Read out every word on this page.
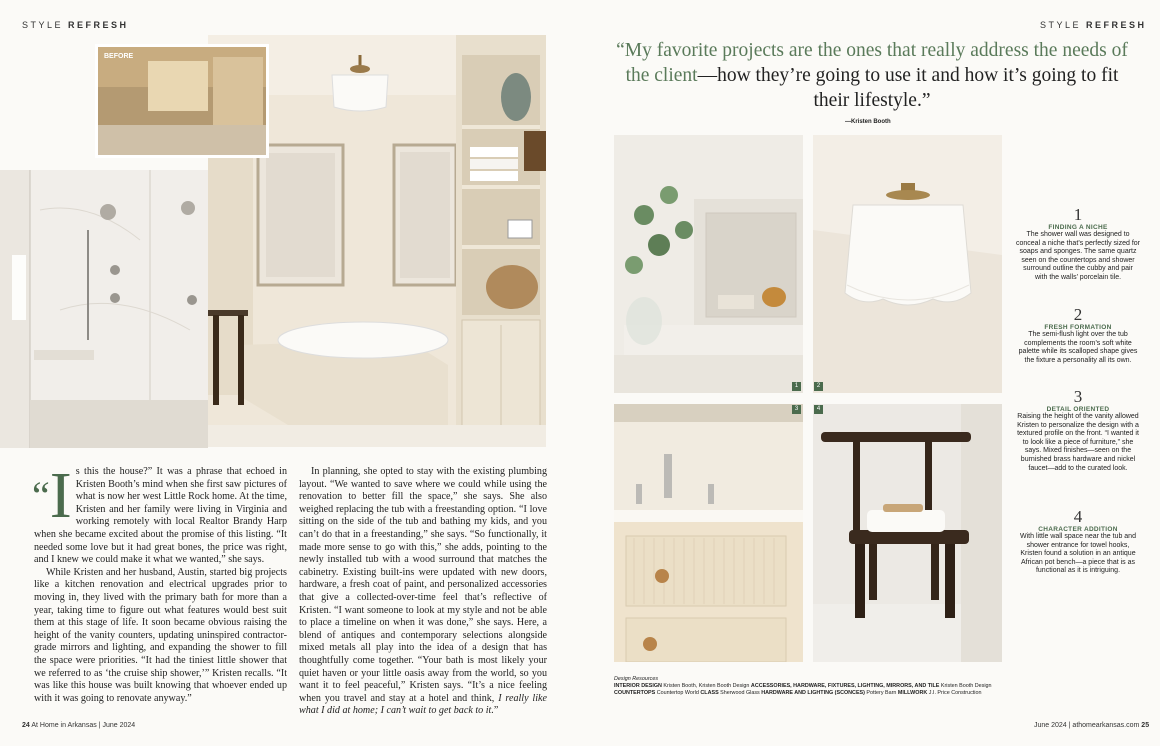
STYLE REFRESH
BEFORE
“I s this the house?” It was a phrase that echoed in Kristen Booth’s mind when she first saw pictures of what is now her west Little Rock home. At the time, Kristen and her family were living in Virginia and working remotely with local Realtor Brandy Harp when she became excited about the promise of this listing. “It needed some love but it had great bones, the price was right, and I knew we could make it what we wanted,” she says.

While Kristen and her husband, Austin, started big projects like a kitchen renovation and electrical upgrades prior to moving in, they lived with the primary bath for more than a year, taking time to figure out what features would best suit them at this stage of life. It soon became obvious raising the height of the vanity counters, updating uninspired contractor-grade mirrors and lighting, and expanding the shower to fill the space were priorities. “It had the tiniest little shower that we referred to as ‘the cruise ship shower,’” Kristen recalls. “It was like this house was built knowing that whoever ended up with it was going to renovate anyway.”

In planning, she opted to stay with the existing plumbing layout. “We wanted to save where we could while using the renovation to better fill the space,” she says. She also weighed replacing the tub with a freestanding option. “I love sitting on the side of the tub and bathing my kids, and you can’t do that in a freestanding,” she says. “So functionally, it made more sense to go with this,” she adds, pointing to the newly installed tub with a wood surround that matches the cabinetry. Existing built-ins were updated with new doors, hardware, a fresh coat of paint, and personalized accessories that give a collected-over-time feel that’s reflective of Kristen. “I want someone to look at my style and not be able to place a timeline on when it was done,” she says. Here, a blend of antiques and contemporary selections alongside mixed metals all play into the idea of a design that has thoughtfully come together. “Your bath is most likely your quiet haven or your little oasis away from the world, so you want it to feel peaceful,” Kristen says. “It’s a nice feeling when you travel and stay at a hotel and think, I really like what I did at home; I can’t wait to get back to it.”

24 At Home in Arkansas | June 2024
STYLE REFRESH
“My favorite projects are the ones that really address the needs of the client—how they’re going to use it and how it’s going to fit their lifestyle.”
—Kristen Booth
1	2
3	4
1
FINDING A NICHE
The shower wall was designed to conceal a niche that’s perfectly sized for soaps and sponges. The same quartz seen on the countertops and shower surround outline the cubby and pair with the walls’ porcelain tile.
2
FRESH FORMATION
The semi-flush light over the tub complements the room’s soft white palette while its scalloped shape gives the fixture a personality all its own.
3
DETAIL ORIENTED
Raising the height of the vanity allowed Kristen to personalize the design with a textured profile on the front. “I wanted it to look like a piece of furniture,” she says. Mixed finishes—seen on the burnished brass hardware and nickel faucet—add to the curated look.
4
CHARACTER ADDITION
With little wall space near the tub and shower entrance for towel hooks, Kristen found a solution in an antique African pot bench—a piece that is as functional as it is intriguing.
Design Resources
INTERIOR DESIGN Kristen Booth, Kristen Booth Design ACCESSORIES, HARDWARE, FIXTURES, LIGHTING, MIRRORS, AND TILE Kristen Booth Design
COUNTERTOPS Countertop World CLASS Sherwood Glass HARDWARE AND LIGHTING (SCONCES) Pottery Barn MILLWORK J.I. Price Construction
June 2024 | athomearkansas.com 25
